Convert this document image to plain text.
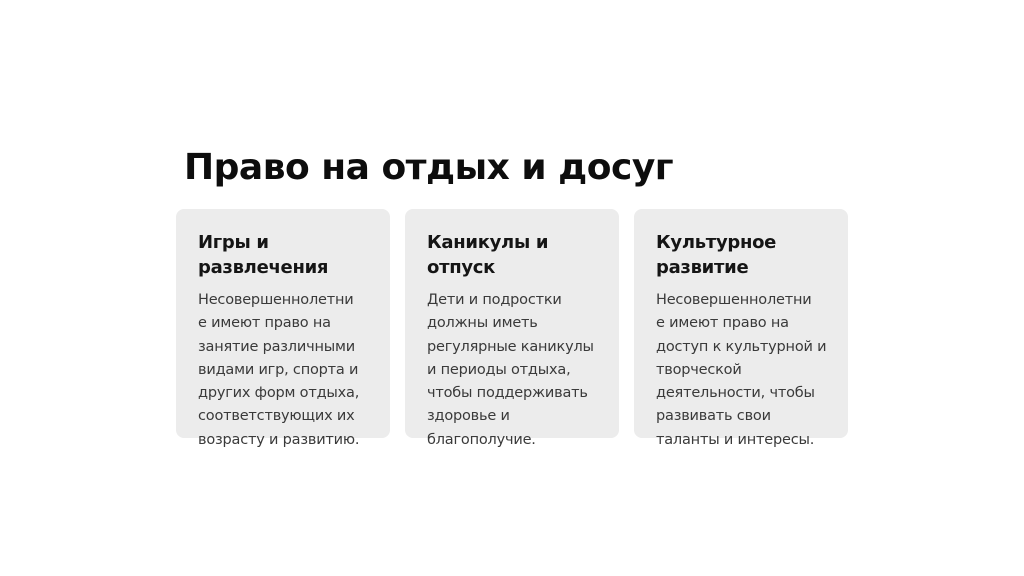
Право на отдых и досуг
Игры и
развлечения

Несовершеннолетни
е имеют право на
занятие различными
видами игр, спорта и
других форм отдыха,
соответствующих их
возрасту и развитию.

Каникулы и
отпуск

Дети и подростки
должны иметь
регулярные каникулы
и периоды отдыха,
чтобы поддерживать
здоровье и
благополучие.

Культурное
развитие

Несовершеннолетни
е имеют право на
доступ к культурной и
творческой
деятельности, чтобы
развивать свои
таланты и интересы.
